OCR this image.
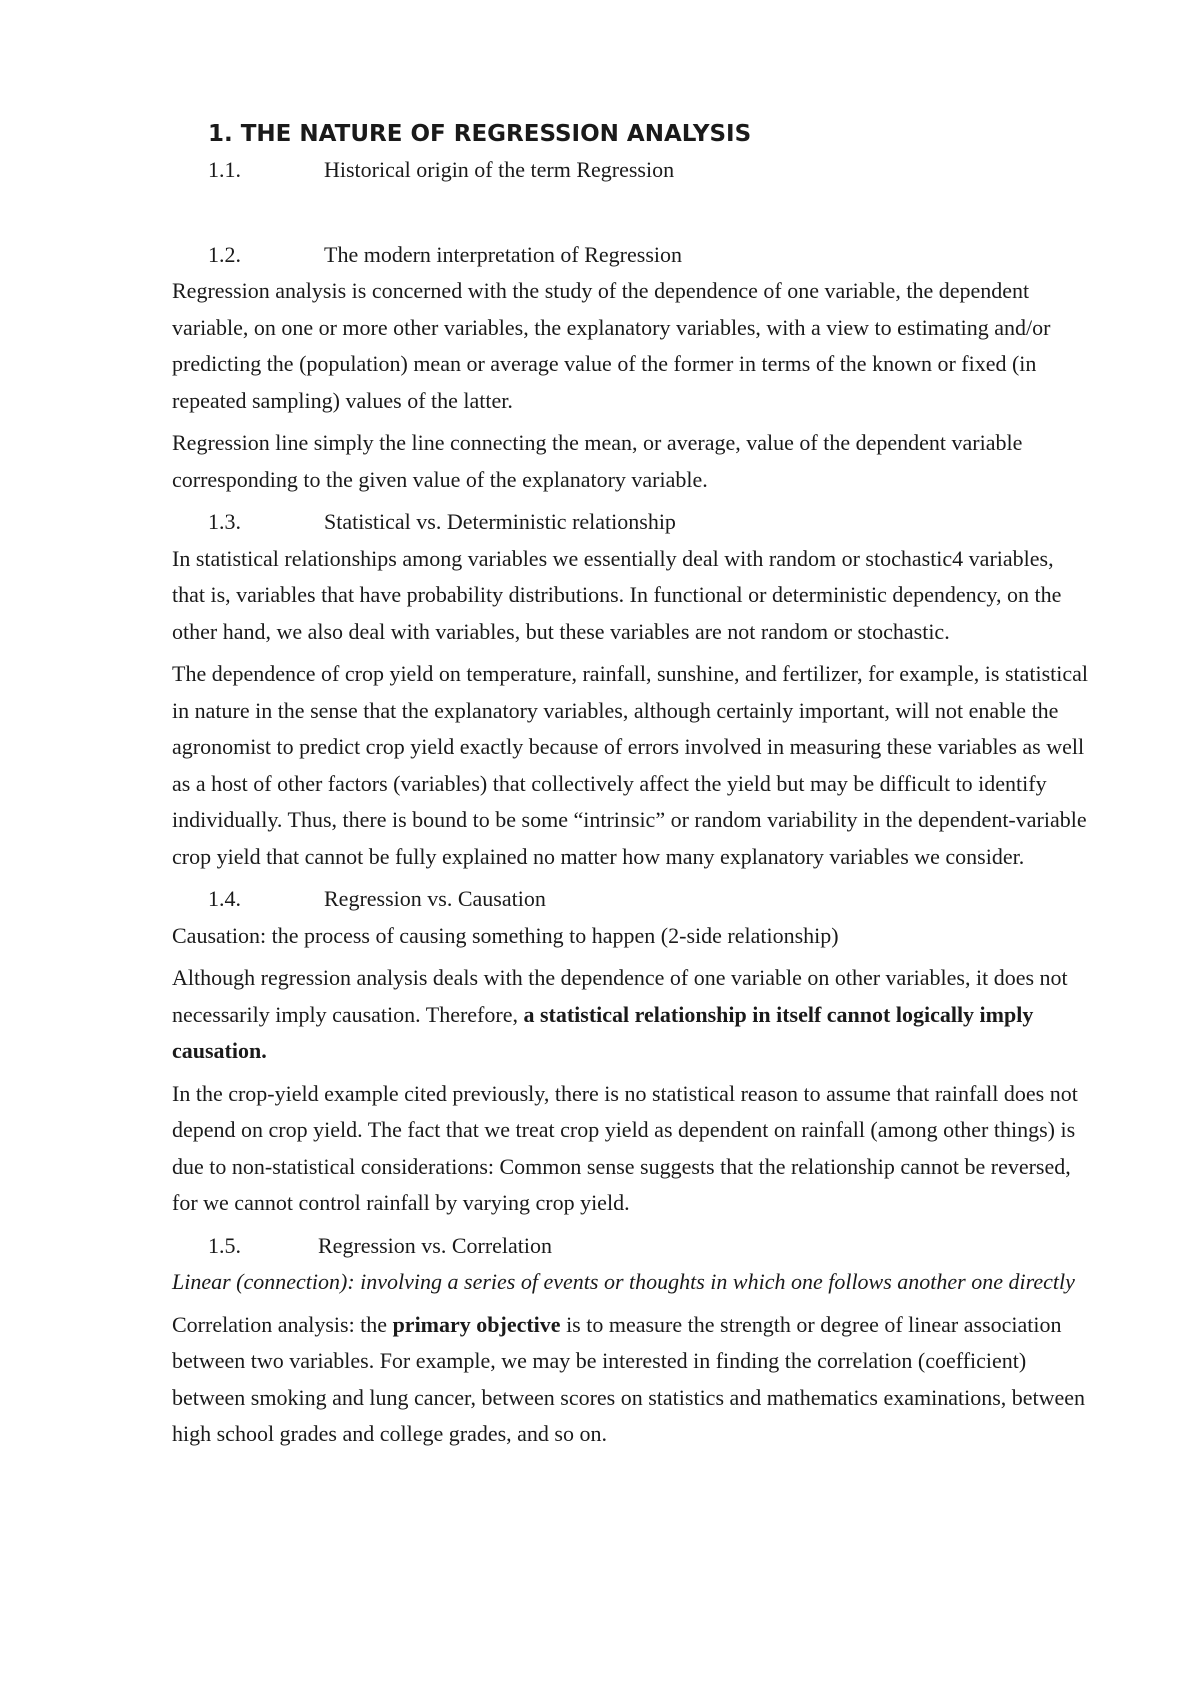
1. THE NATURE OF REGRESSION ANALYSIS
1.1.	Historical origin of the term Regression
1.2.	The modern interpretation of Regression

Regression analysis is concerned with the study of the dependence of one variable, the dependent variable, on one or more other variables, the explanatory variables, with a view to estimating and/or predicting the (population) mean or average value of the former in terms of the known or fixed (in repeated sampling) values of the latter.

Regression line simply the line connecting the mean, or average, value of the dependent variable corresponding to the given value of the explanatory variable.

1.3.	Statistical vs. Deterministic relationship

In statistical relationships among variables we essentially deal with random or stochastic4 variables, that is, variables that have probability distributions. In functional or deterministic dependency, on the other hand, we also deal with variables, but these variables are not random or stochastic.

The dependence of crop yield on temperature, rainfall, sunshine, and fertilizer, for example, is statistical in nature in the sense that the explanatory variables, although certainly important, will not enable the agronomist to predict crop yield exactly because of errors involved in measuring these variables as well as a host of other factors (variables) that collectively affect the yield but may be difficult to identify individually. Thus, there is bound to be some “intrinsic” or random variability in the dependent-variable crop yield that cannot be fully explained no matter how many explanatory variables we consider.

1.4.	Regression vs. Causation

Causation: the process of causing something to happen (2-side relationship)

Although regression analysis deals with the dependence of one variable on other variables, it does not necessarily imply causation. Therefore, a statistical relationship in itself cannot logically imply causation.

In the crop-yield example cited previously, there is no statistical reason to assume that rainfall does not depend on crop yield. The fact that we treat crop yield as dependent on rainfall (among other things) is due to non-statistical considerations: Common sense suggests that the relationship cannot be reversed, for we cannot control rainfall by varying crop yield.

1.5.	Regression vs. Correlation

Linear (connection): involving a series of events or thoughts in which one follows another one directly

Correlation analysis: the primary objective is to measure the strength or degree of linear association between two variables. For example, we may be interested in finding the correlation (coefficient) between smoking and lung cancer, between scores on statistics and mathematics examinations, between high school grades and college grades, and so on.
